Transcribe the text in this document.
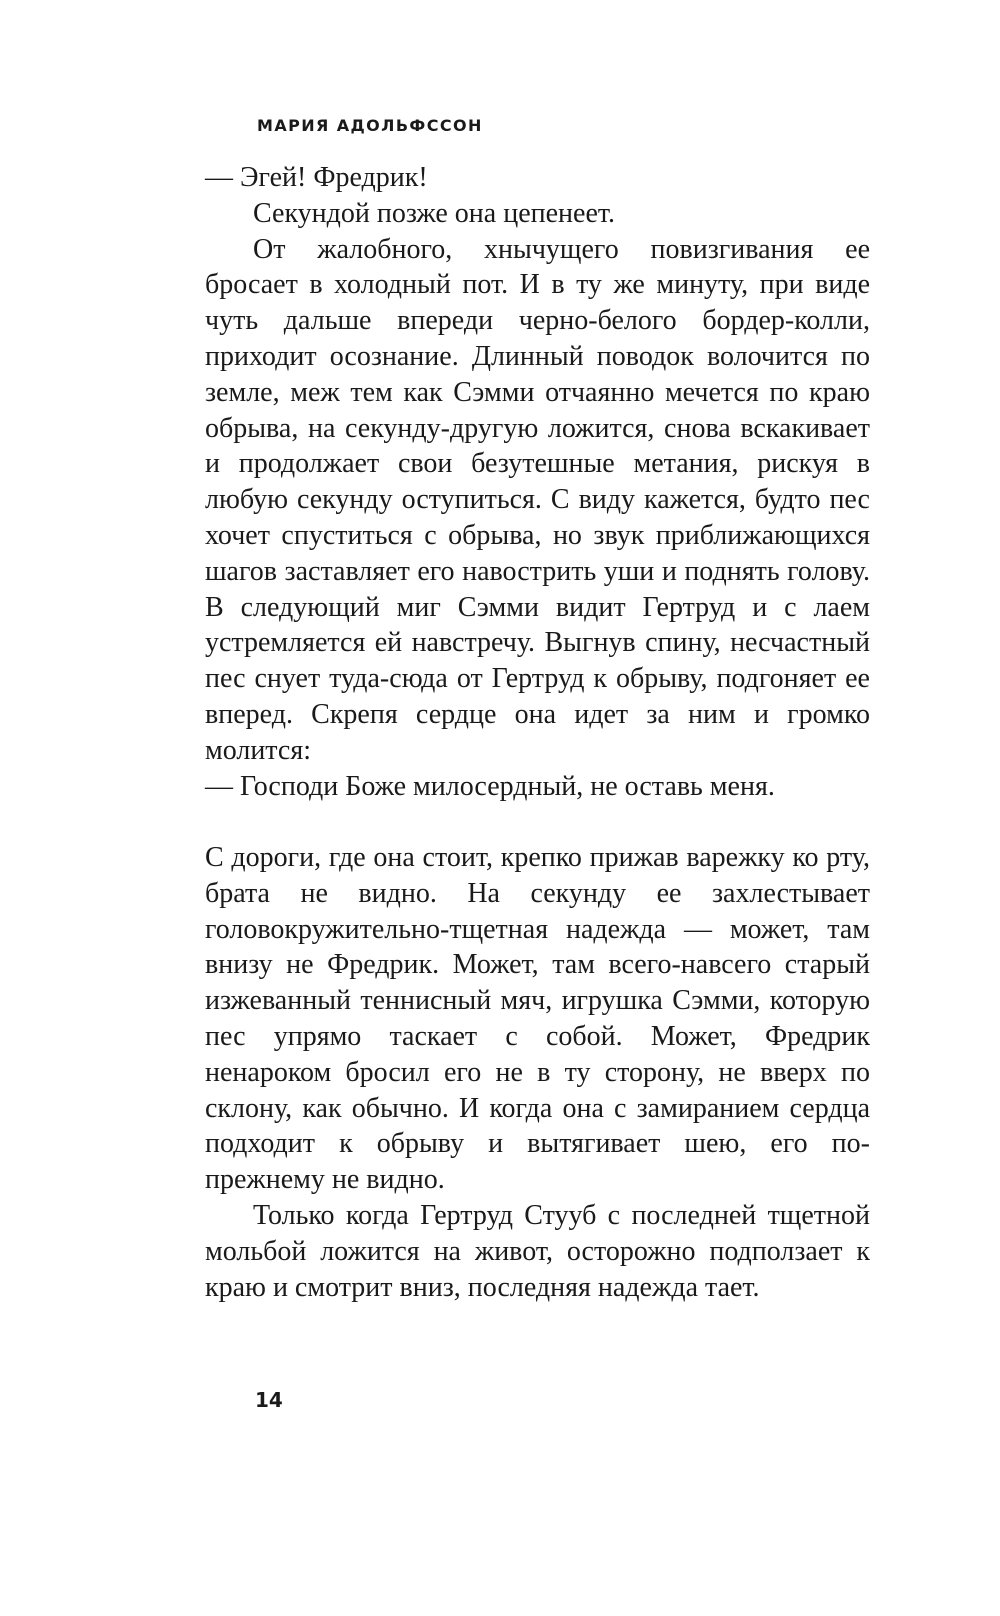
МАРИЯ АДОЛЬФССОН

— Эгей! Фредрик!

Секундой позже она цепенеет.

От жалобного, хнычущего повизгивания ее бросает в холодный пот. И в ту же минуту, при виде чуть дальше впереди черно-белого бордер-колли, приходит осознание. Длинный поводок волочится по земле, меж тем как Сэмми отчаянно мечется по краю обрыва, на секунду-другую ложится, снова вскакивает и продолжает свои безутешные метания, рискуя в любую секунду оступиться. С виду кажется, будто пес хочет спуститься с обрыва, но звук приближающихся шагов заставляет его навострить уши и поднять голову. В следующий миг Сэмми видит Гертруд и с лаем устремляется ей навстречу. Выгнув спину, несчастный пес снует туда-сюда от Гертруд к обрыву, подгоняет ее вперед. Скрепя сердце она идет за ним и громко молится:

— Господи Боже милосердный, не оставь меня.

С дороги, где она стоит, крепко прижав варежку ко рту, брата не видно. На секунду ее захлестывает головокружительно-тщетная надежда — может, там внизу не Фредрик. Может, там всего-навсего старый изжеванный теннисный мяч, игрушка Сэмми, которую пес упрямо таскает с собой. Может, Фредрик ненароком бросил его не в ту сторону, не вверх по склону, как обычно. И когда она с замиранием сердца подходит к обрыву и вытягивает шею, его по-прежнему не видно.

Только когда Гертруд Стууб с последней тщетной мольбой ложится на живот, осторожно подползает к краю и смотрит вниз, последняя надежда тает.

14
